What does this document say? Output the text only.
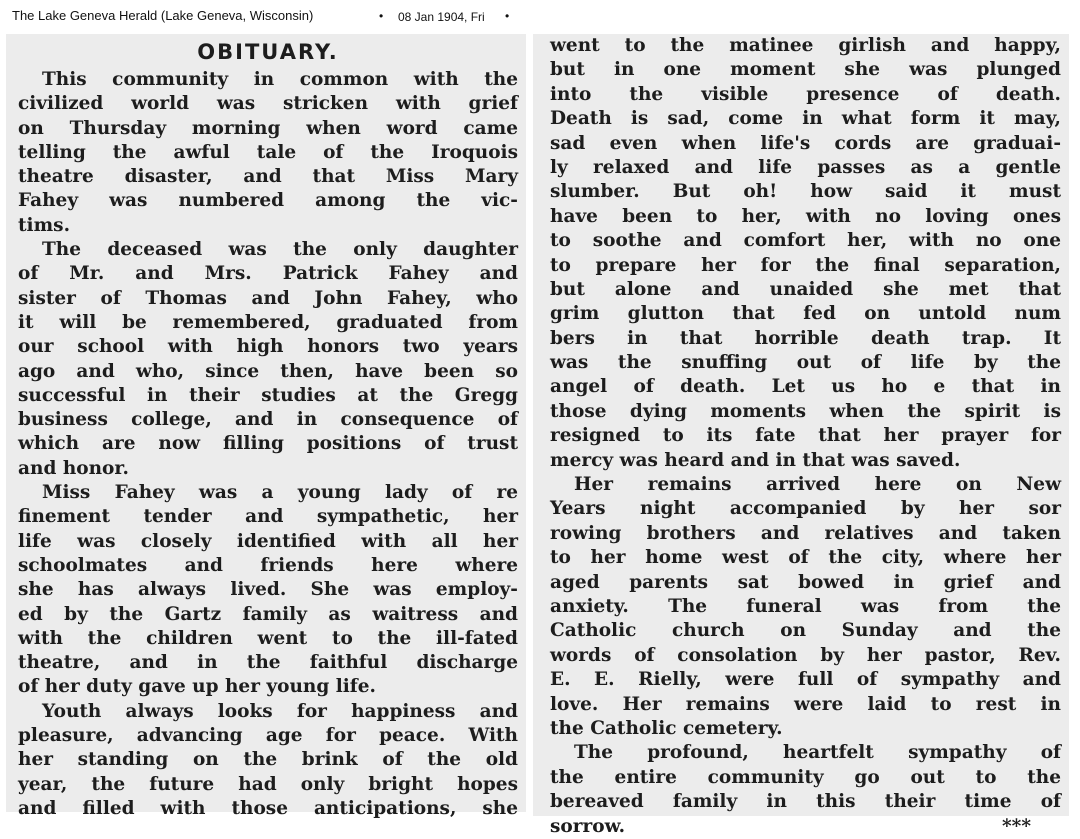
The Lake Geneva Herald (Lake Geneva, Wisconsin)	• 08 Jan 1904, Fri •
OBITUARY.
This community in common with the
civilized world was stricken with grief
on Thursday morning when word came
telling the awful tale of the Iroquois
theatre disaster, and that Miss Mary
Fahey was numbered among the vic-
tims.
The deceased was the only daughter
of Mr. and Mrs. Patrick Fahey and
sister of Thomas and John Fahey, who
it will be remembered, graduated from
our school with high honors two years
ago and who, since then, have been so
successful in their studies at the Gregg
business college, and in consequence of
which are now filling positions of trust
and honor.
Miss Fahey was a young lady of re
finement tender and sympathetic, her
life was closely identified with all her
schoolmates and friends here where
she has always lived. She was employ-
ed by the Gartz family as waitress and
with the children went to the ill-fated
theatre, and in the faithful discharge
of her duty gave up her young life.
Youth always looks for happiness and
pleasure, advancing age for peace. With
her standing on the brink of the old
year, the future had only bright hopes
and filled with those anticipations, she
went to the matinee girlish and happy,
but in one moment she was plunged
into the visible presence of death.
Death is sad, come in what form it may,
sad even when life's cords are graduai-
ly relaxed and life passes as a gentle
slumber. But oh! how said it must
have been to her, with no loving ones
to soothe and comfort her, with no one
to prepare her for the final separation,
but alone and unaided she met that
grim glutton that fed on untold num
bers in that horrible death trap. It
was the snuffing out of life by the
angel of death. Let us ho e that in
those dying moments when the spirit is
resigned to its fate that her prayer for
mercy was heard and in that was saved.
Her remains arrived here on New
Years night accompanied by her sor
rowing brothers and relatives and taken
to her home west of the city, where her
aged parents sat bowed in grief and
anxiety. The funeral was from the
Catholic church on Sunday and the
words of consolation by her pastor, Rev.
E. E. Rielly, were full of sympathy and
love. Her remains were laid to rest in
the Catholic cemetery.
The profound, heartfelt sympathy of
the entire community go out to the
bereaved family in this their time of
sorrow.	***
